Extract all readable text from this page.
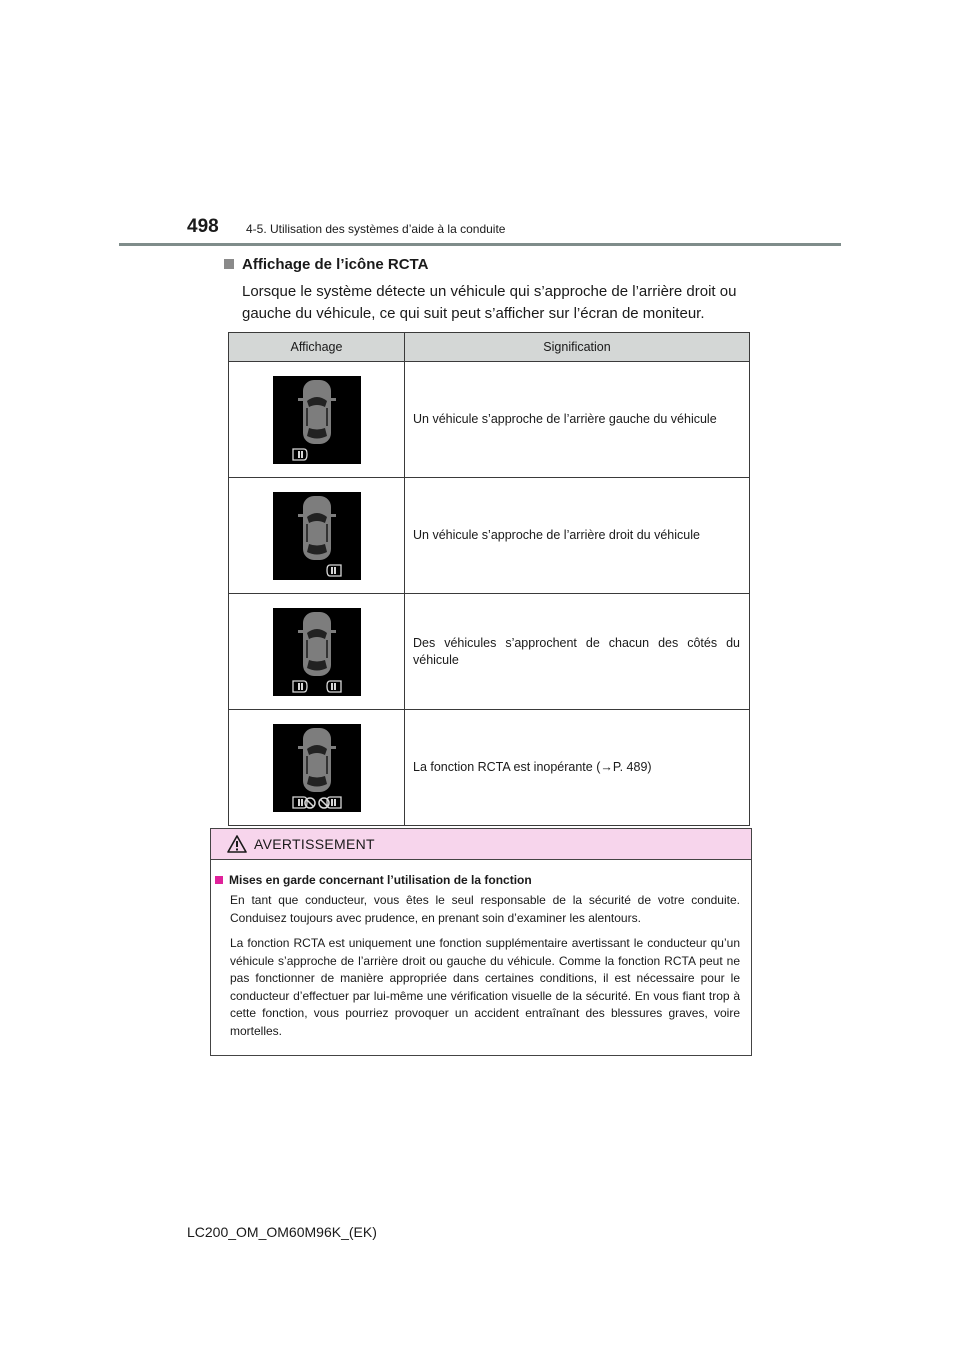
498 4-5. Utilisation des systèmes d’aide à la conduite
Affichage de l’icône RCTA
Lorsque le système détecte un véhicule qui s’approche de l’arrière droit ou gauche du véhicule, ce qui suit peut s’afficher sur l’écran de moniteur.
Affichage	Signification

	Un véhicule s’approche de l’arrière gauche du véhicule

	Un véhicule s’approche de l’arrière droit du véhicule

	Des véhicules s’approchent de chacun des côtés du véhicule

	La fonction RCTA est inopérante (→P. 489)
AVERTISSEMENT
Mises en garde concernant l’utilisation de la fonction
En tant que conducteur, vous êtes le seul responsable de la sécurité de votre conduite. Conduisez toujours avec prudence, en prenant soin d’examiner les alentours.
La fonction RCTA est uniquement une fonction supplémentaire avertissant le conducteur qu’un véhicule s’approche de l’arrière droit ou gauche du véhicule. Comme la fonction RCTA peut ne pas fonctionner de manière appropriée dans certaines conditions, il est nécessaire pour le conducteur d’effectuer par lui-même une vérification visuelle de la sécurité. En vous fiant trop à cette fonction, vous pourriez provoquer un accident entraînant des blessures graves, voire mortelles.
LC200_OM_OM60M96K_(EK)
